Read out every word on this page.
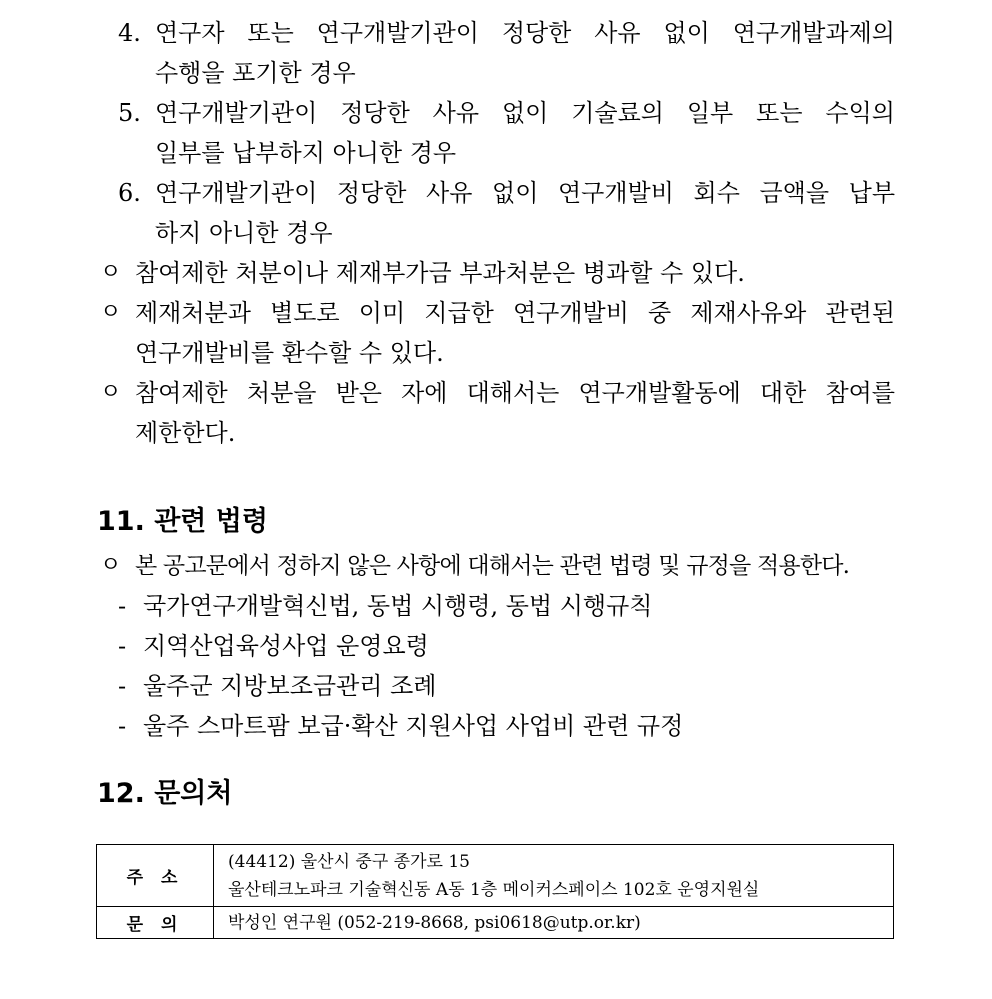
4. 연구자 또는 연구개발기관이 정당한 사유 없이 연구개발과제의
수행을 포기한 경우
5. 연구개발기관이 정당한 사유 없이 기술료의 일부 또는 수익의
일부를 납부하지 아니한 경우
6. 연구개발기관이 정당한 사유 없이 연구개발비 회수 금액을 납부
하지 아니한 경우
ㅇ 참여제한 처분이나 제재부가금 부과처분은 병과할 수 있다.
ㅇ 제재처분과 별도로 이미 지급한 연구개발비 중 제재사유와 관련된
연구개발비를 환수할 수 있다.
ㅇ 참여제한 처분을 받은 자에 대해서는 연구개발활동에 대한 참여를
제한한다.
11. 관련 법령
ㅇ 본 공고문에서 정하지 않은 사항에 대해서는 관련 법령 및 규정을 적용한다.
- 국가연구개발혁신법, 동법 시행령, 동법 시행규칙
- 지역산업육성사업 운영요령
- 울주군 지방보조금관리 조례
- 울주 스마트팜 보급·확산 지원사업 사업비 관련 규정
12. 문의처
주 소	(44412) 울산시 중구 종가로 15
울산테크노파크 기술혁신동 A동 1층 메이커스페이스 102호 운영지원실

문 의	박성인 연구원 (052-219-8668, psi0618@utp.or.kr)
